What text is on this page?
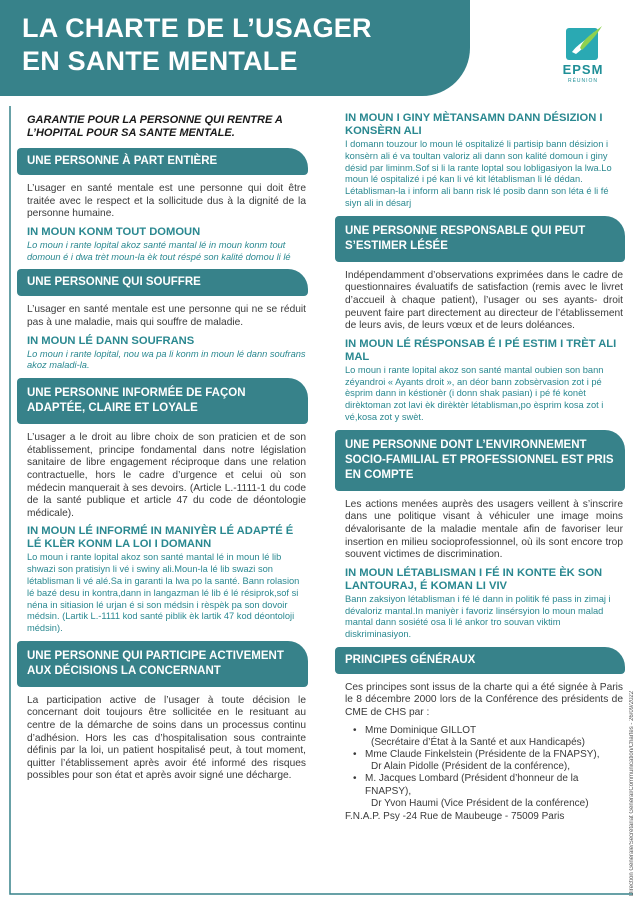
LA CHARTE DE L’USAGER
EN SANTE MENTALE	EPSM
RÉUNION
GARANTIE POUR LA PERSONNE QUI RENTRE A L’HOPITAL POUR SA SANTE MENTALE.
UNE PERSONNE À PART ENTIÈRE
L’usager en santé mentale est une personne qui doit être traitée avec le respect et la sollicitude dus à la dignité de la personne humaine.
IN MOUN KONM TOUT DOMOUN
Lo moun i rante lopital akoz santé mantal lé in moun konm tout domoun é i dwa trèt moun-la èk tout réspé son kalité domou li lé
UNE PERSONNE QUI SOUFFRE
L’usager en santé mentale est une personne qui ne se réduit pas à une maladie, mais qui souffre de maladie.
IN MOUN LÉ DANN SOUFRANS
Lo moun i rante lopital, nou wa pa li konm in moun lé dann soufrans akoz maladi-la.
UNE PERSONNE INFORMÉE DE FAÇON ADAPTÉE, CLAIRE ET LOYALE
L’usager a le droit au libre choix de son praticien et de son établissement, principe fondamental dans notre législation sanitaire de libre engagement réciproque dans une relation contractuelle, hors le cadre d’urgence et celui où son médecin manquerait à ses devoirs. (Article L.-1111-1 du code de la santé publique et article 47 du code de déontologie médicale).
IN MOUN LÉ INFORMÉ IN MANIYÈR LÉ ADAPTÉ É LÉ KLÈR KONM LA LOI I DOMANN
Lo moun i rante lopital akoz son santé mantal lé in moun lé lib shwazi son pratisiyn li vé i swiny ali.Moun-la lé lib swazi son létablisman li vé alé.Sa in garanti la lwa po la santé. Bann rolasion lé bazé desu in kontra,dann in langazman lé lib é lé résiprok,sof si néna in sitiasion lé urjan é si son médsin i rèspèk pa son dovoir médsin. (Lartik L.-1111 kod santé piblik èk lartik 47 kod déontoloji médsin).
UNE PERSONNE QUI PARTICIPE ACTIVEMENT AUX DÉCISIONS LA CONCERNANT
La participation active de l’usager à toute décision le concernant doit toujours être sollicitée en le resituant au centre de la démarche de soins dans un processus continu d’adhésion. Hors les cas d’hospitalisation sous contrainte définis par la loi, un patient hospitalisé peut, à tout moment, quitter l’établissement après avoir été informé des risques possibles pour son état et après avoir signé une décharge.
IN MOUN I GINY MÈTANSAMN DANN DÉSIZION I KONSÈRN ALI
I domann touzour lo moun lé ospitalizé li partisip bann désizion i konsèrn ali é va toultan valoriz ali dann son kalité domoun i giny désid par liminm.Sof si li la rante loptal sou lobligasiyon la lwa.Lo moun lé ospitalizé i pé kan li vé kit létablisman li lé dédan. Létablisman-la i inform ali bann risk lé posib dann son léta é li fé siyn ali in désarj
UNE PERSONNE RESPONSABLE QUI PEUT S’ESTIMER LÉSÉE
Indépendamment d’observations exprimées dans le cadre de questionnaires évaluatifs de satisfaction (remis avec le livret d’accueil à chaque patient), l’usager ou ses ayants- droit peuvent faire part directement au directeur de l’établissement de leurs avis, de leurs vœux et de leurs doléances.
IN MOUN LÉ RÉSPONSAB É I PÉ ESTIM I TRÈT ALI MAL
Lo moun i rante lopital akoz son santé mantal oubien son bann zéyandroi « Ayants droit », an déor bann zobsèrvasion zot i pé èsprim dann in késtionèr (i donn shak pasian) i pé fé konèt dirèktoman zot lavi èk dirèktèr létablisman,po èsprim kosa zot i vé,kosa zot y swèt.
UNE PERSONNE DONT L’ENVIRONNEMENT SOCIO-FAMILIAL ET PROFESSIONNEL EST PRIS EN COMPTE
Les actions menées auprès des usagers veillent à s’inscrire dans une politique visant à véhiculer une image moins dévalorisante de la maladie mentale afin de favoriser leur insertion en milieu socioprofessionnel, où ils sont encore trop souvent victimes de discrimination.
IN MOUN LÉTABLISMAN I FÉ IN KONTE ÈK SON LANTOURAJ, É KOMAN LI VIV
Bann zaksiyon létablisman i fé lé dann in politik fé pass in zimaj i dévaloriz mantal.In maniyèr i favoriz linsérsyion lo moun malad mantal dann sosiété osa li lé ankor tro souvan viktim diskriminasiyon.
PRINCIPES GÉNÉRAUX
Ces principes sont issus de la charte qui a été signée à Paris le 8 décembre 2000 lors de la Conférence des présidents de CME de CHS par :
• Mme Dominique GILLOT
(Secrétaire d’État à la Santé et aux Handicapés)
• Mme Claude Finkelstein (Présidente de la FNAPSY),
Dr Alain Pidolle (Président de la conférence),
• M. Jacques Lombard (Président d’honneur de la FNAPSY),
Dr Yvon Haumi (Vice Président de la conférence)
F.N.A.P. Psy -24 Rue de Maubeuge - 75009 Paris	Direction Générale/Secrétariat Général/Communication/Chartes - 26/09/2022
